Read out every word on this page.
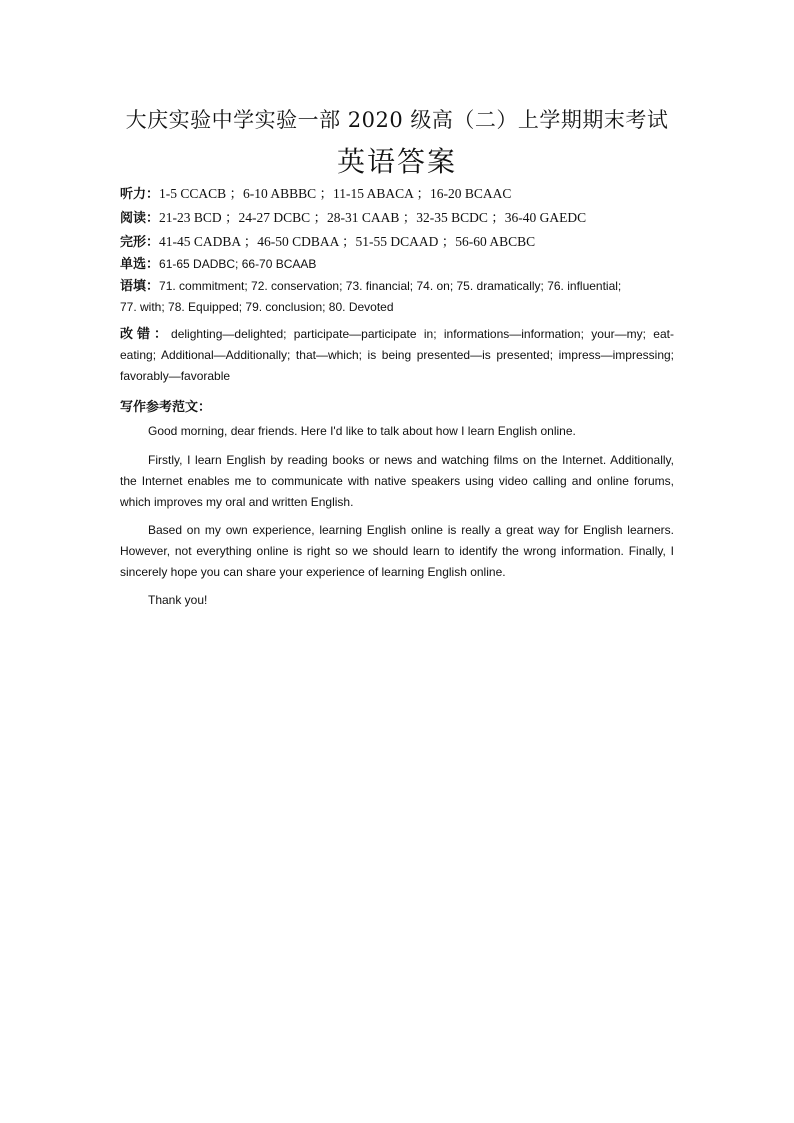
大庆实验中学实验一部 2020 级高（二）上学期期末考试
英语答案
听力：1-5 CCACB ；6-10 ABBBC ；11-15 ABACA ；16-20 BCAAC
阅读：21-23 BCD ；24-27 DCBC ；28-31 CAAB ；32-35 BCDC ；36-40 GAEDC
完形：41-45 CADBA ；46-50 CDBAA ；51-55 DCAAD ；56-60 ABCBC
单选：61-65 DADBC; 66-70 BCAAB
语填：71. commitment; 72. conservation; 73. financial; 74. on; 75. dramatically; 76. influential;
77. with; 78. Equipped; 79. conclusion; 80. Devoted
改错：delighting—delighted; participate—participate in; informations—information; your—my; eat-eating; Additional—Additionally; that—which; is being presented—is presented; impress—impressing; favorably—favorable
写作参考范文：
Good morning, dear friends. Here I'd like to talk about how I learn English online.
Firstly, I learn English by reading books or news and watching films on the Internet. Additionally, the Internet enables me to communicate with native speakers using video calling and online forums, which improves my oral and written English.
Based on my own experience, learning English online is really a great way for English learners. However, not everything online is right so we should learn to identify the wrong information. Finally, I sincerely hope you can share your experience of learning English online.
Thank you!
